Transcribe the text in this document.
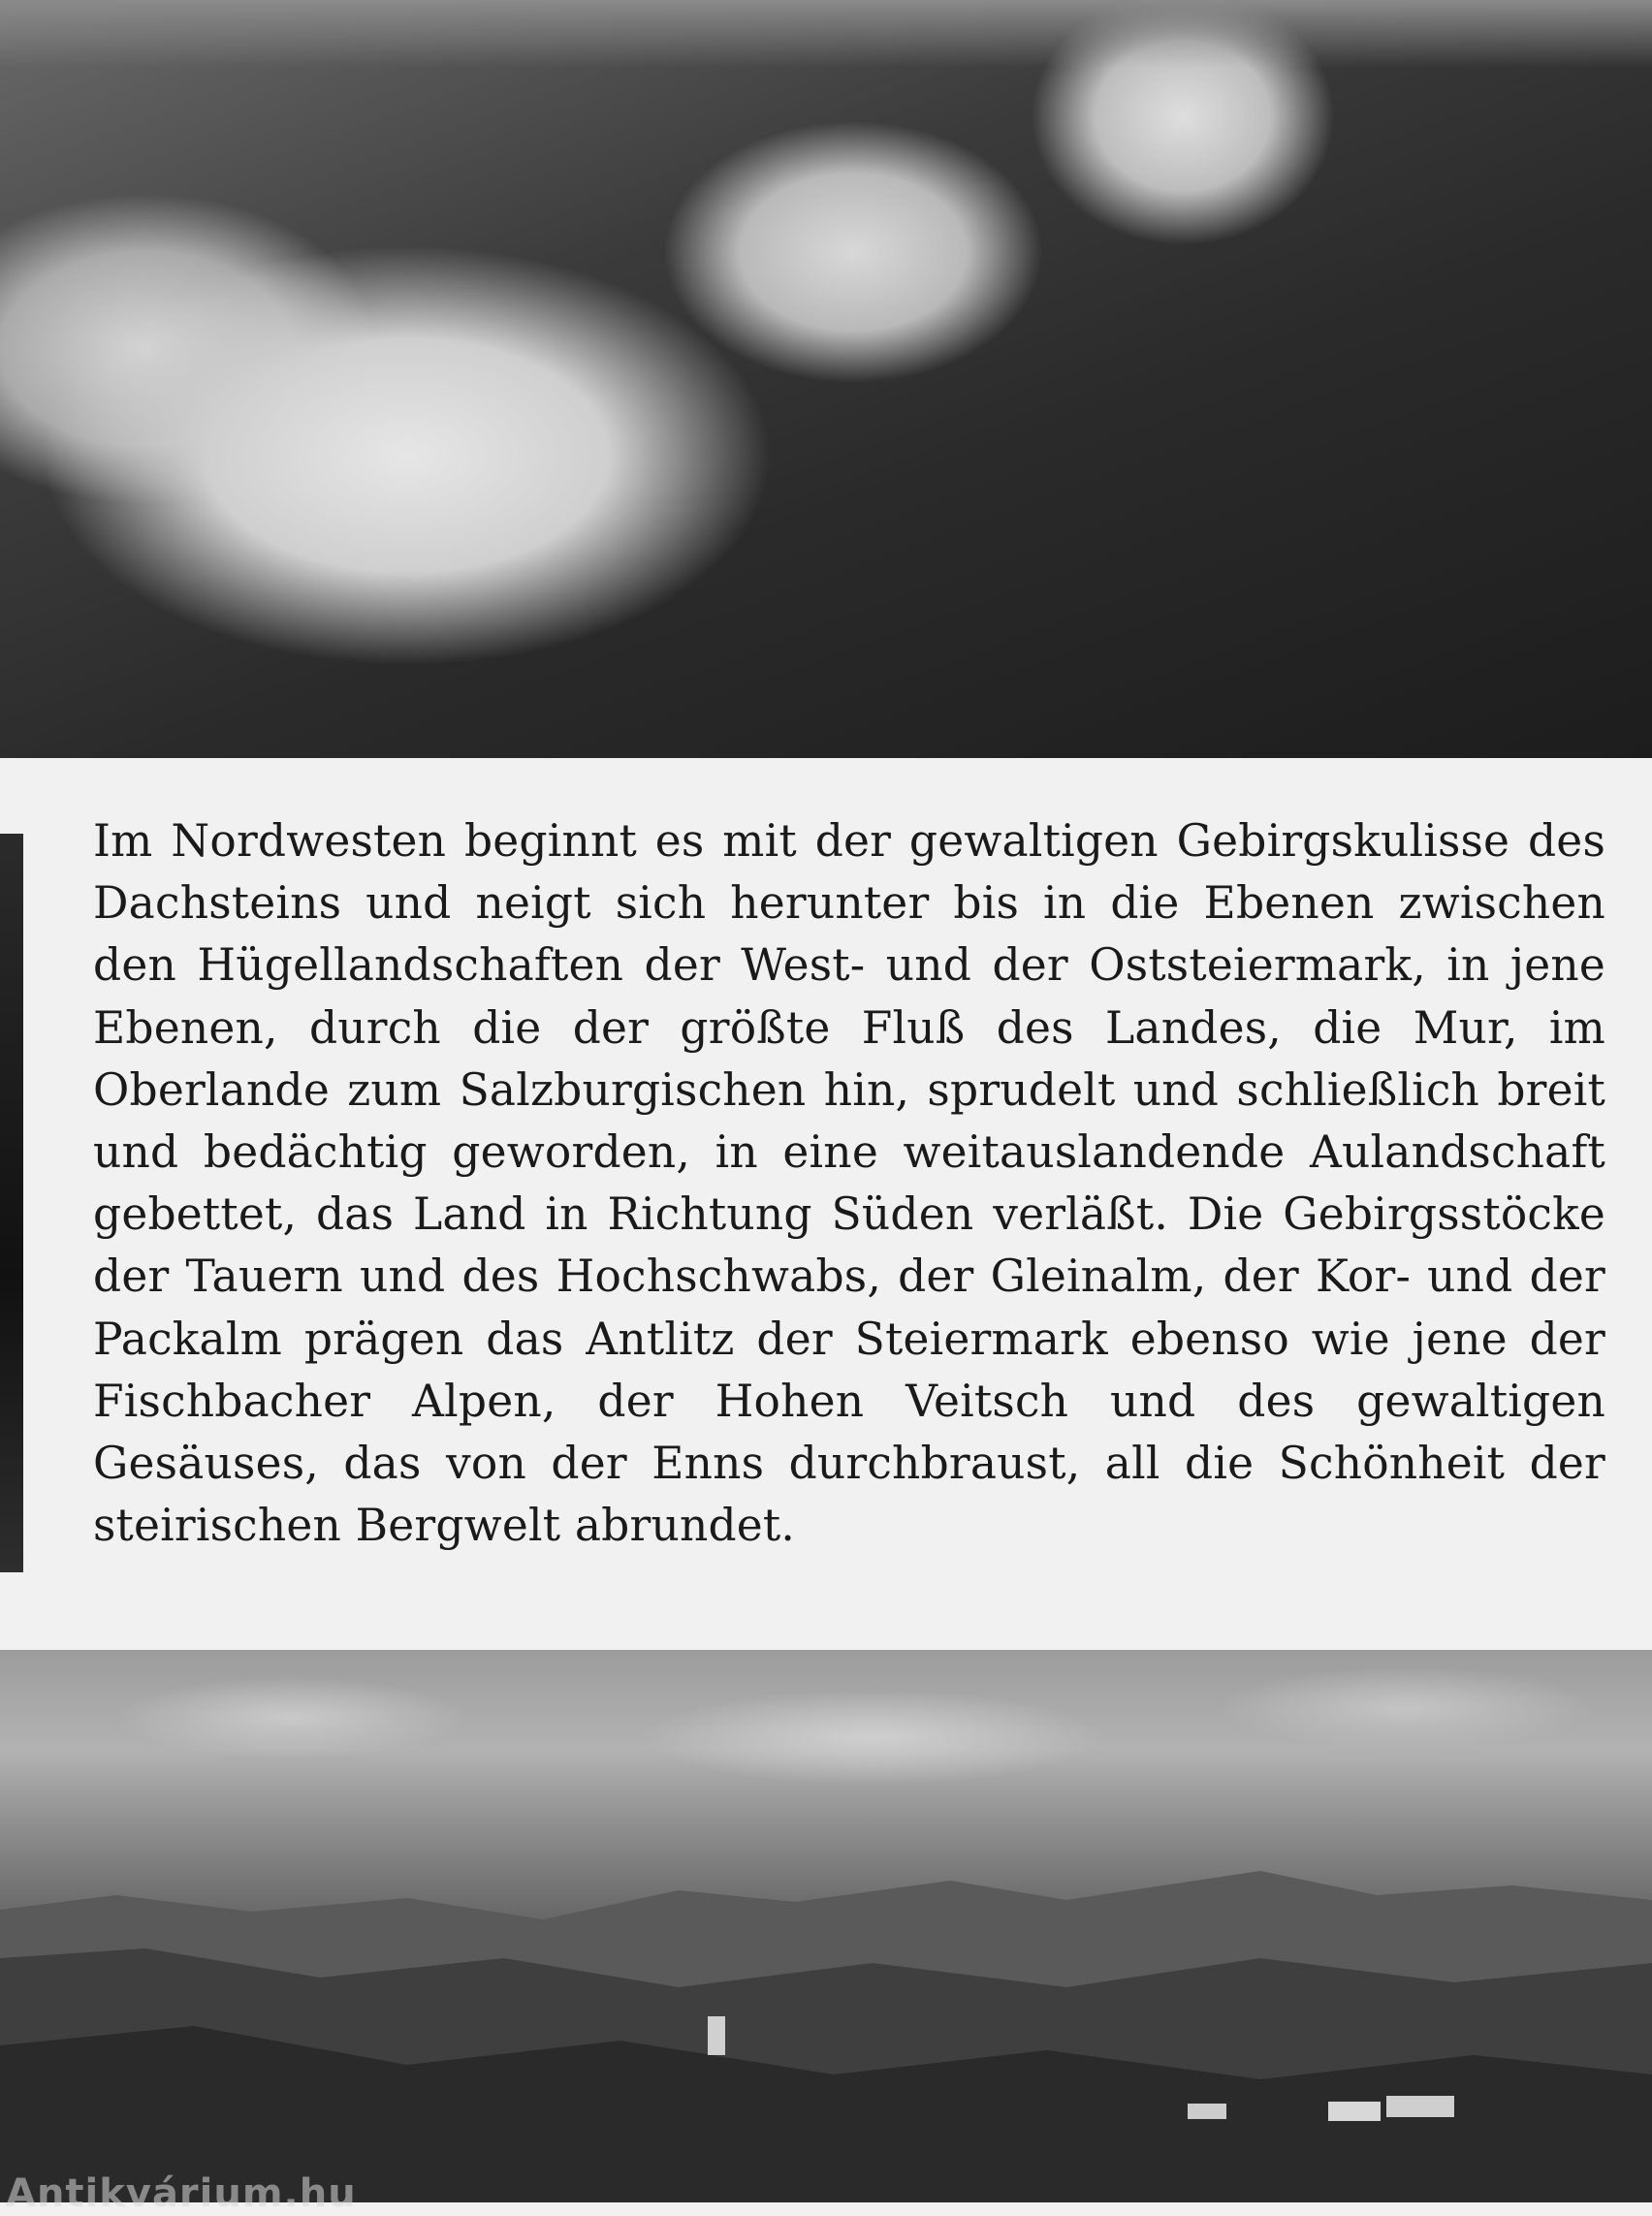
Im Nordwesten beginnt es mit der gewaltigen Gebirgskulisse des Dachsteins und neigt sich herunter bis in die Ebenen zwischen den Hügellandschaften der West- und der Oststeiermark, in jene Ebenen, durch die der größte Fluß des Landes, die Mur, im Oberlande zum Salzburgischen hin, sprudelt und schließlich breit und bedächtig geworden, in eine weitauslandende Aulandschaft gebettet, das Land in Richtung Süden verläßt. Die Gebirgsstöcke der Tauern und des Hochschwabs, der Gleinalm, der Kor- und der Packalm prägen das Antlitz der Steiermark ebenso wie jene der Fischbacher Alpen, der Hohen Veitsch und des gewaltigen Gesäuses, das von der Enns durchbraust, all die Schönheit der steirischen Bergwelt abrundet.

Antikvárium.hu
